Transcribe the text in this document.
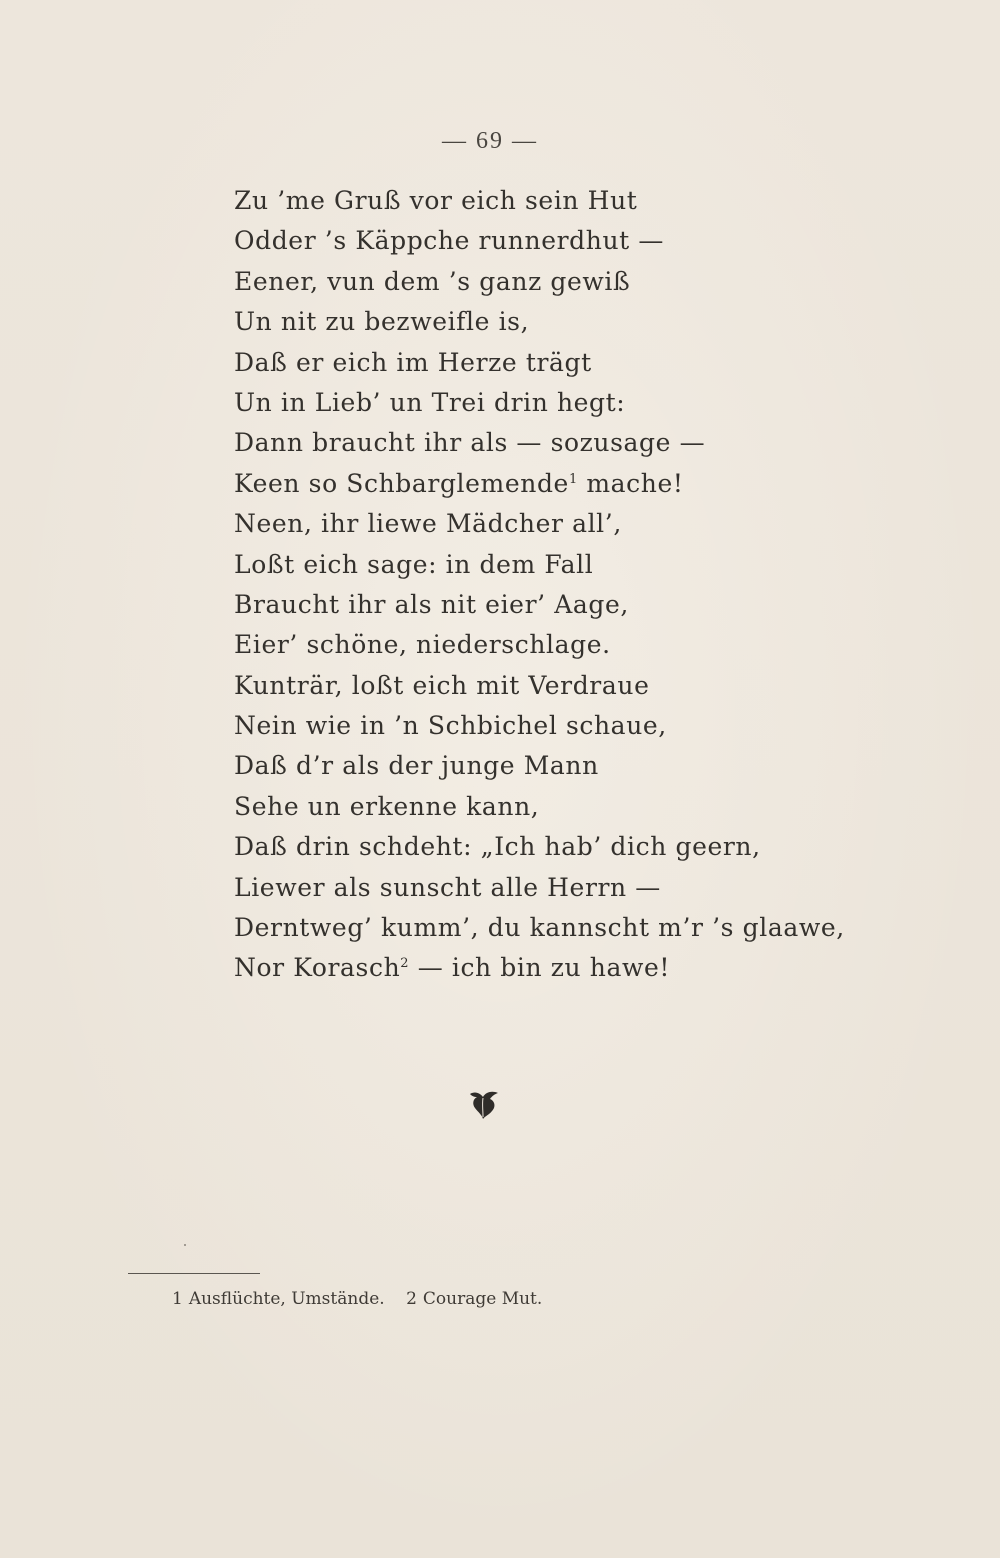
— 69 —
Zu ’me Gruß vor eich sein Hut
Odder ’s Käppche runnerdhut —
Eener, vun dem ’s ganz gewiß
Un nit zu bezweifle is,
Daß er eich im Herze trägt
Un in Lieb’ un Trei drin hegt:
Dann braucht ihr als — sozusage —
Keen so Schbarglemende$^1$ mache!
Neen, ihr liewe Mädcher all’,
Loßt eich sage: in dem Fall
Braucht ihr als nit eier’ Aage,
Eier’ schöne, niederschlage.
Kunträr, loßt eich mit Verdraue
Nein wie in ’n Schbichel schaue,
Daß d’r als der junge Mann
Sehe un erkenne kann,
Daß drin schdeht: „Ich hab’ dich geern,
Liewer als sunscht alle Herrn —
Derntweg’ kumm’, du kannscht m’r ’s glaawe,
Nor Korasch$^2$ — ich bin zu hawe!
1 Ausflüchte, Umstände. 2 Courage Mut.
